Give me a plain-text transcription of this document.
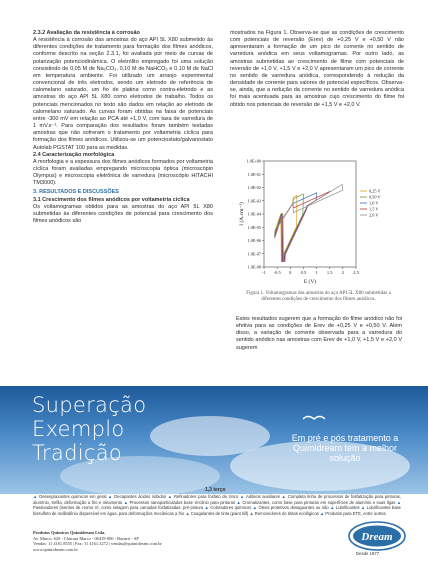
2.3.2 Avaliação da resistência à corrosão

A resistência à corrosão das amostras do aço API 5L X80 submetido às diferentes condições de tratamento para formação dos filmes anódicos, conforme descrito na seção 2.3.1, foi avaliada por meio de curvas de polarização potenciodinâmica. O eletrólito empregado foi uma solução consistindo de 0,05 M de Na₂CO₃, 0,10 M de NaHCO₃ e 0,10 M de NaCl em temperatura ambiente. Foi utilizado um arranjo experimental convencional de três eletrodos, sendo um eletrodo de referência de calomelano saturado, um fio de platina como contra-eletrodo e as amostras do aço API 5L X80 como eletrodos de trabalho. Todos os potenciais mencionados no texto são dados em relação ao eletrodo de calomelano saturado. As curvas foram obtidas na faixa de potenciais entre -300 mV em relação ao PCA até +1,0 V, com taxa de varredura de 1 mV.s⁻¹. Para comparação dos resultados foram também testadas amostras que não sofreram o tratamento por voltametria cíclica para formação dos filmes anódicos. Utilizou-se um potenciostato/galvanostato Autolab PGSTAT 100 para as medidas.

2.4 Caracterização morfológica

A morfologia e a espessura dos filmes anódicos formados por voltametria cíclica foram avaliadas empregando microscopia óptica (microscópio Olympus) e microscopia eletrônica de varredura (microscópio HITACHI TM3000).

3. RESULTADOS E DISCUSSÕES

3.1 Crescimento dos filmes anódicos por voltametria cíclica

Os voltamogramas obtidos para as amostras do aço API 5L X80 submetidas às diferentes condições de potencial para crescimento dos filmes anódicos são

mostrados na Figura 1. Observa-se que as condições de crescimento com potenciais de reversão (Erev) de +0,25 V e +0,50 V não apresentaram a formação de um pico de corrente no sentido de varredura anódica em seus voltamogramas. Por outro lado, as amostras submetidas ao crescimento de filme com potenciais de reversão de +1,0 V, +1,5 V e +2,0 V apresentaram um pico de corrente no sentido de varredura anódica, correspondendo à redução da densidade de corrente para valores de potencial específicos. Observa-se, ainda, que a redução da corrente no sentido de varredura anódica foi mais acentuada para as amostras cujo crescimento do filme foi obtido nos potenciais de reversão de +1,5 V e +2,0 V.

1.0E-08
1.0E-07
1.0E-06
1.0E-05
1.0E-04
1.0E-03
1.0E-02
1.0E-01
1.0E+00
-1 -0.5 0 0.5 1 1.5 2 2.5
E (V)
I (A.cm⁻²)
0,25 V
0,50 V
1,0 V
1,5 V
2,0 V
Figura 1. Voltamogramas das amostras do aço API 5L X80 submetidas a diferentes condições de crescimento dos filmes anódicos.

Estes resultados sugerem que a formação do filme anódico não foi efetiva para as condições de Erev de +0,25 V e +0,50 V. Além disso, a variação de corrente observada para a varredura do sentido anódico nas amostras com Erev de +1,0 V, +1,5 V e +2,0 V sugerem

Superação
Exemplo
Tradição
Em pré e pós tratamento a Quimidream tem a melhor solução
1,3 terço
▲ Desengraxantes químicos em geral ▲ Decapantes ácidos inibidos ▲ Refinadores para fosfato de zinco ▲ Aditivos auxiliares ▲ Completa linha de processos de fosfatização para pinturas, alumínio, trefila, deformação a frio e oleamento ▲ Processos nanoparticulados base zircônio para pinturas ▲ Cromatizantes, como base para pinturas em superfícies de alumínio e suas ligas ▲ Passivadores (isentos de cromo VI, como selagem para camadas fosfatizadas, pré-pintura ▲ Coloradores químicos ▲ Óleos protetivos desaguantes ou não ▲ Lubrificantes ▲ Lubrificantes base bissulfeto de molibdênio dispersível em água, para deformações mecânicas a frio ▲ Coagulantes de tinta (paint kill) ▲ Removedores de tintas ecológicos ▲ Produtos para ETE, entre outros.
Produtos Químicos Quimidream Ltda.
Av. Marco, 620 - Chácara Marco - 06419-000 - Barueri - SP
Vendas: 11 4161.8555 | Fax: 11 4161.3272 | vendas@quimidream.com.br
www.quimidream.com.br
Dream
Desde 1977
